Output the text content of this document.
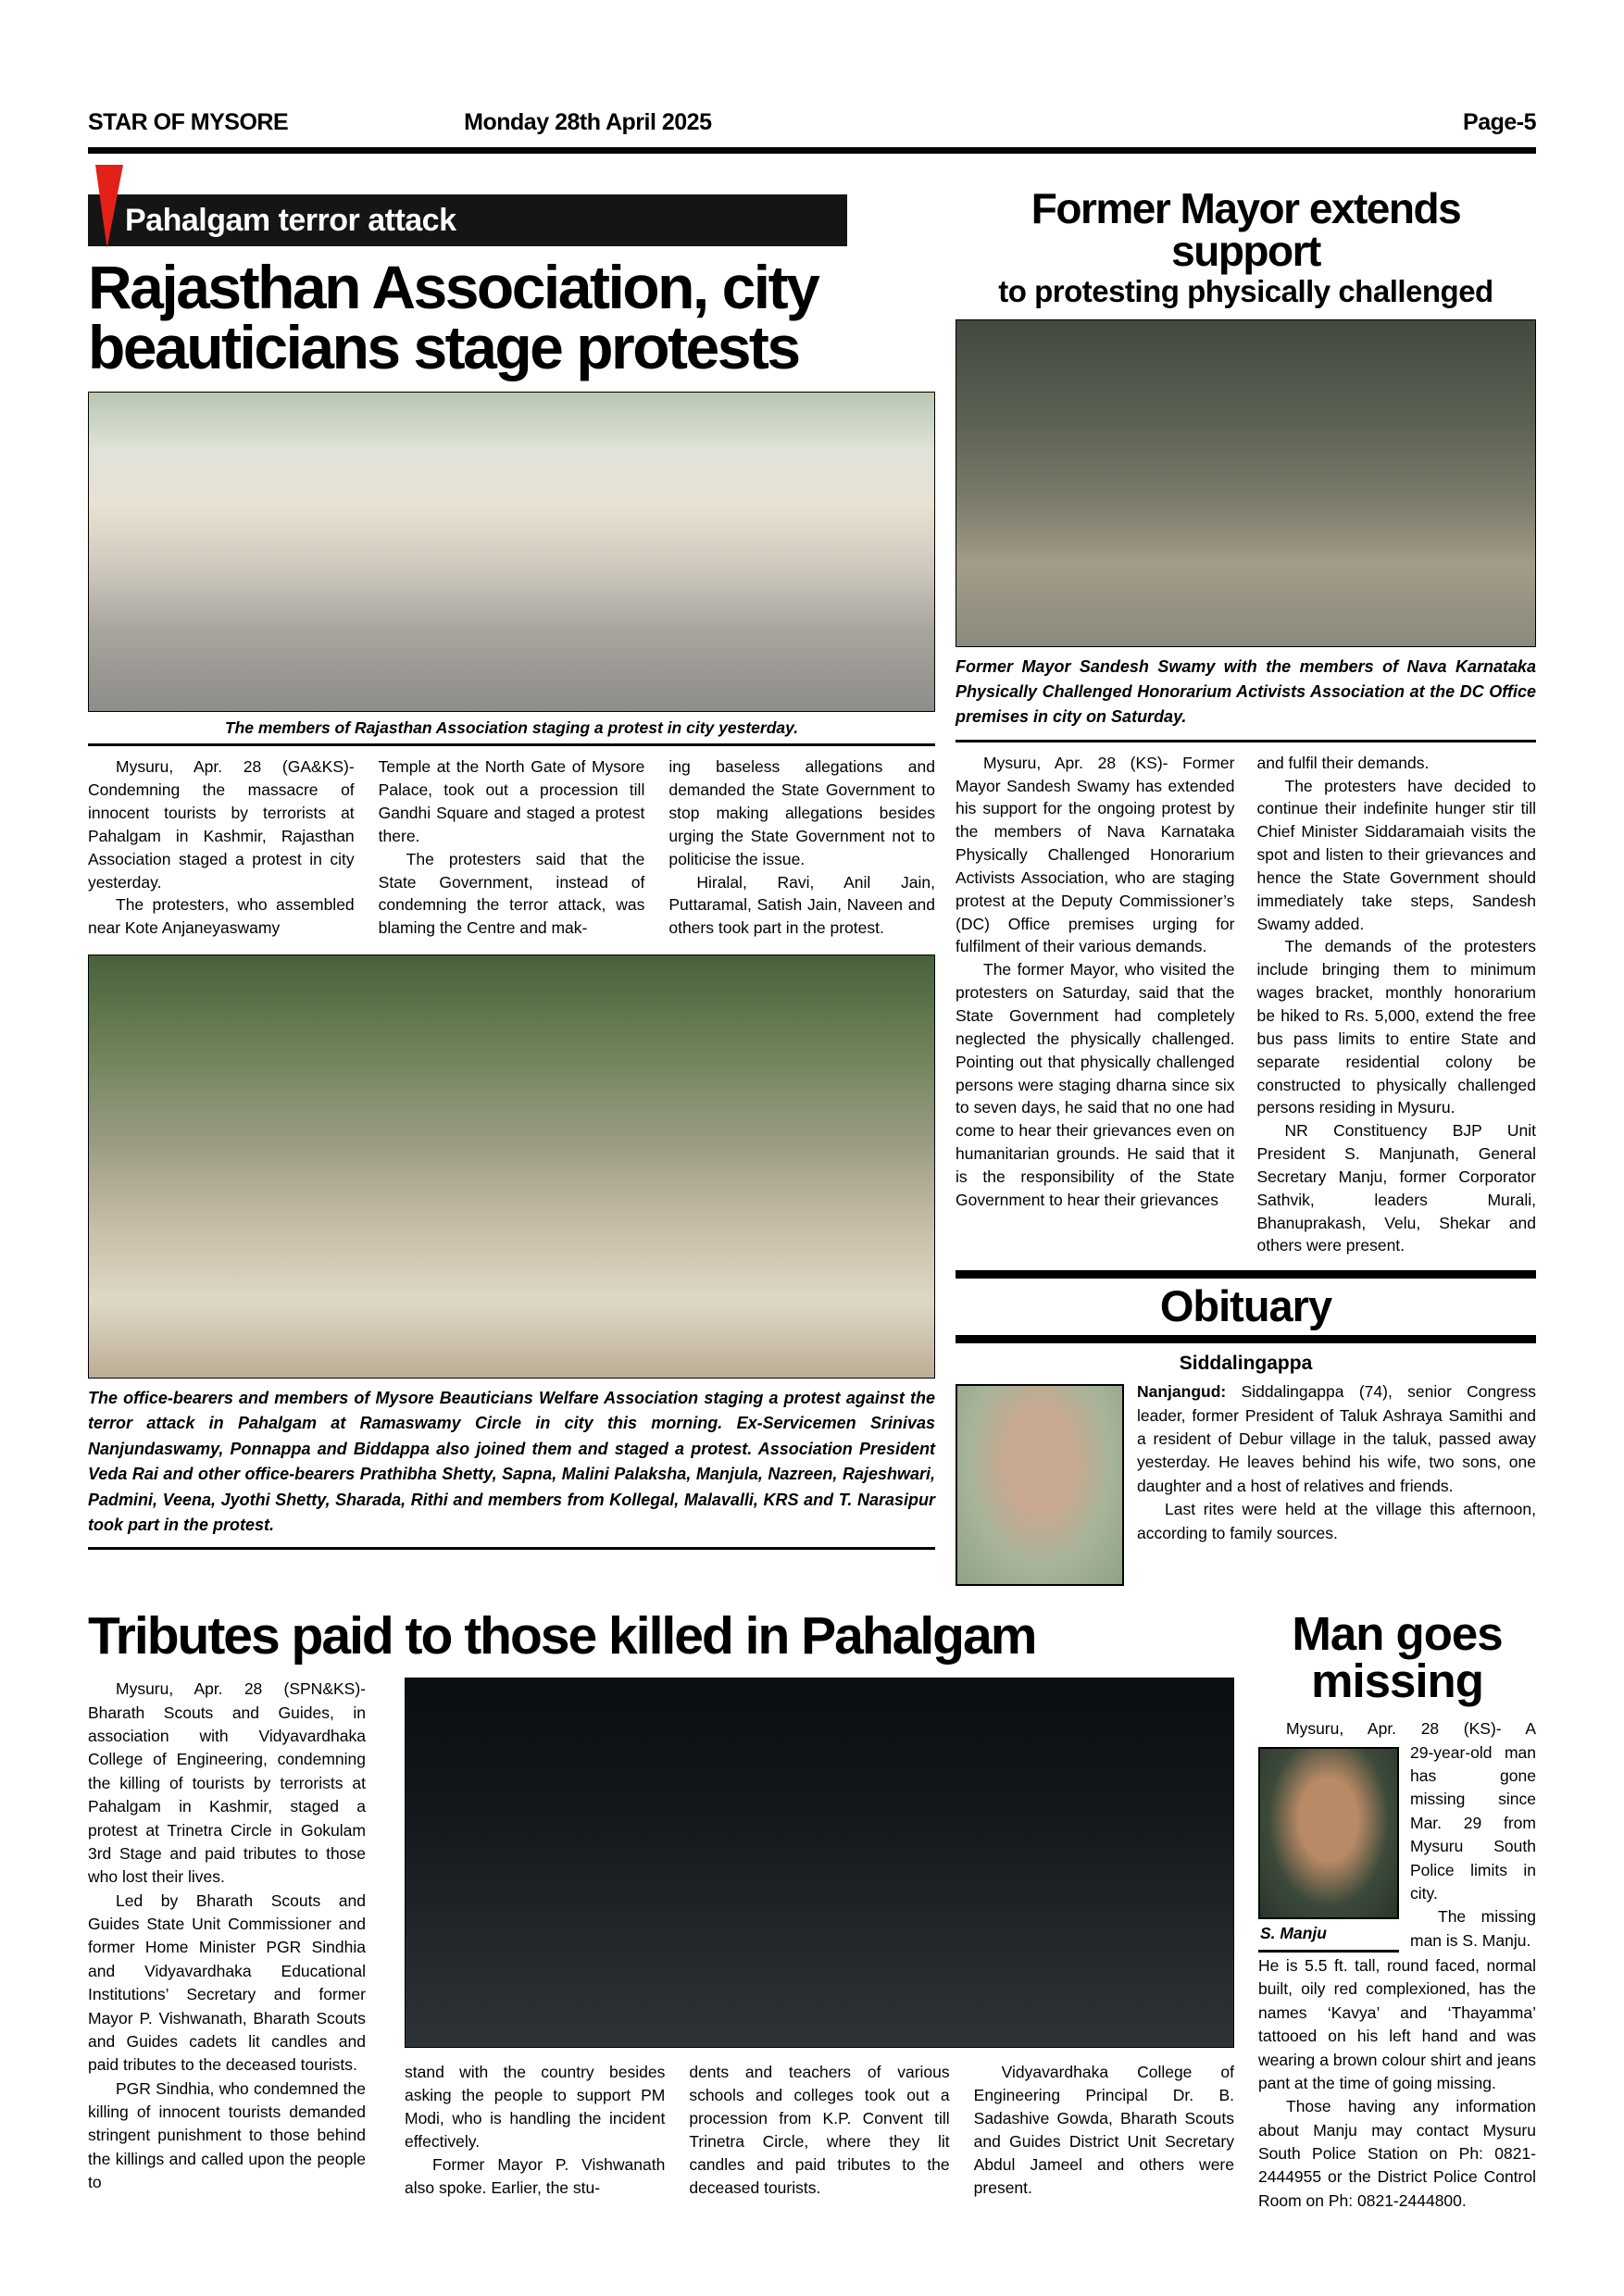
STAR OF MYSORE	Monday 28th April 2025	Page-5
Pahalgam terror attack
Rajasthan Association, city beauticians stage protests
The members of Rajasthan Association staging a protest in city yesterday.

Mysuru, Apr. 28 (GA&KS)- Condemning the massacre of innocent tourists by terrorists at Pahalgam in Kashmir, Rajasthan Association staged a protest in city yesterday.

The protesters, who assembled near Kote Anjaneyaswamy

Temple at the North Gate of Mysore Palace, took out a procession till Gandhi Square and staged a protest there.

The protesters said that the State Government, instead of condemning the terror attack, was blaming the Centre and mak-

ing baseless allegations and demanded the State Government to stop making allegations besides urging the State Government not to politicise the issue.

Hiralal, Ravi, Anil Jain, Puttaramal, Satish Jain, Naveen and others took part in the protest.

The office-bearers and members of Mysore Beauticians Welfare Association staging a protest against the terror attack in Pahalgam at Ramaswamy Circle in city this morning. Ex-Servicemen Srinivas Nanjundaswamy, Ponnappa and Biddappa also joined them and staged a protest. Association President Veda Rai and other office-bearers Prathibha Shetty, Sapna, Malini Palaksha, Manjula, Nazreen, Rajeshwari, Padmini, Veena, Jyothi Shetty, Sharada, Rithi and members from Kollegal, Malavalli, KRS and T. Narasipur took part in the protest.
Former Mayor extends support
to protesting physically challenged
Former Mayor Sandesh Swamy with the members of Nava Karnataka Physically Challenged Honorarium Activists Association at the DC Office premises in city on Saturday.

Mysuru, Apr. 28 (KS)- Former Mayor Sandesh Swamy has extended his support for the ongoing protest by the members of Nava Karnataka Physically Challenged Honorarium Activists Association, who are staging protest at the Deputy Commissioner’s (DC) Office premises urging for fulfilment of their various demands.

The former Mayor, who visited the protesters on Saturday, said that the State Government had completely neglected the physically challenged. Pointing out that physically challenged persons were staging dharna since six to seven days, he said that no one had come to hear their grievances even on humanitarian grounds. He said that it is the responsibility of the State Government to hear their grievances

and fulfil their demands.

The protesters have decided to continue their indefinite hunger stir till Chief Minister Siddaramaiah visits the spot and listen to their grievances and hence the State Government should immediately take steps, Sandesh Swamy added.

The demands of the protesters include bringing them to minimum wages bracket, monthly honorarium be hiked to Rs. 5,000, extend the free bus pass limits to entire State and separate residential colony be constructed to physically challenged persons residing in Mysuru.

NR Constituency BJP Unit President S. Manjunath, General Secretary Manju, former Corporator Sathvik, leaders Murali, Bhanuprakash, Velu, Shekar and others were present.

Obituary
Siddalingappa

Nanjangud: Siddalingappa (74), senior Congress leader, former President of Taluk Ashraya Samithi and a resident of Debur village in the taluk, passed away yesterday. He leaves behind his wife, two sons, one daughter and a host of relatives and friends.

Last rites were held at the village this afternoon, according to family sources.

Tributes paid to those killed in Pahalgam

Mysuru, Apr. 28 (SPN&KS)- Bharath Scouts and Guides, in association with Vidyavardhaka College of Engineering, condemning the killing of tourists by terrorists at Pahalgam in Kashmir, staged a protest at Trinetra Circle in Gokulam 3rd Stage and paid tributes to those who lost their lives.

Led by Bharath Scouts and Guides State Unit Commissioner and former Home Minister PGR Sindhia and Vidyavardhaka Educational Institutions’ Secretary and former Mayor P. Vishwanath, Bharath Scouts and Guides cadets lit candles and paid tributes to the deceased tourists.

PGR Sindhia, who condemned the killing of innocent tourists demanded stringent punishment to those behind the killings and called upon the people to

stand with the country besides asking the people to support PM Modi, who is handling the incident effectively.

Former Mayor P. Vishwanath also spoke. Earlier, the stu-

dents and teachers of various schools and colleges took out a procession from K.P. Convent till Trinetra Circle, where they lit candles and paid tributes to the deceased tourists.

Vidyavardhaka College of Engineering Principal Dr. B. Sadashive Gowda, Bharath Scouts and Guides District Unit Secretary Abdul Jameel and others were present.

Man goes missing

Mysuru, Apr. 28 (KS)- A

S. Manju

29-year-old man has gone missing since Mar. 29 from Mysuru South Police limits in city.

The missing man is S. Manju.

He is 5.5 ft. tall, round faced, normal built, oily red complexioned, has the names ‘Kavya’ and ‘Thayamma’ tattooed on his left hand and was wearing a brown colour shirt and jeans pant at the time of going missing.

Those having any information about Manju may contact Mysuru South Police Station on Ph: 0821-2444955 or the District Police Control Room on Ph: 0821-2444800.
